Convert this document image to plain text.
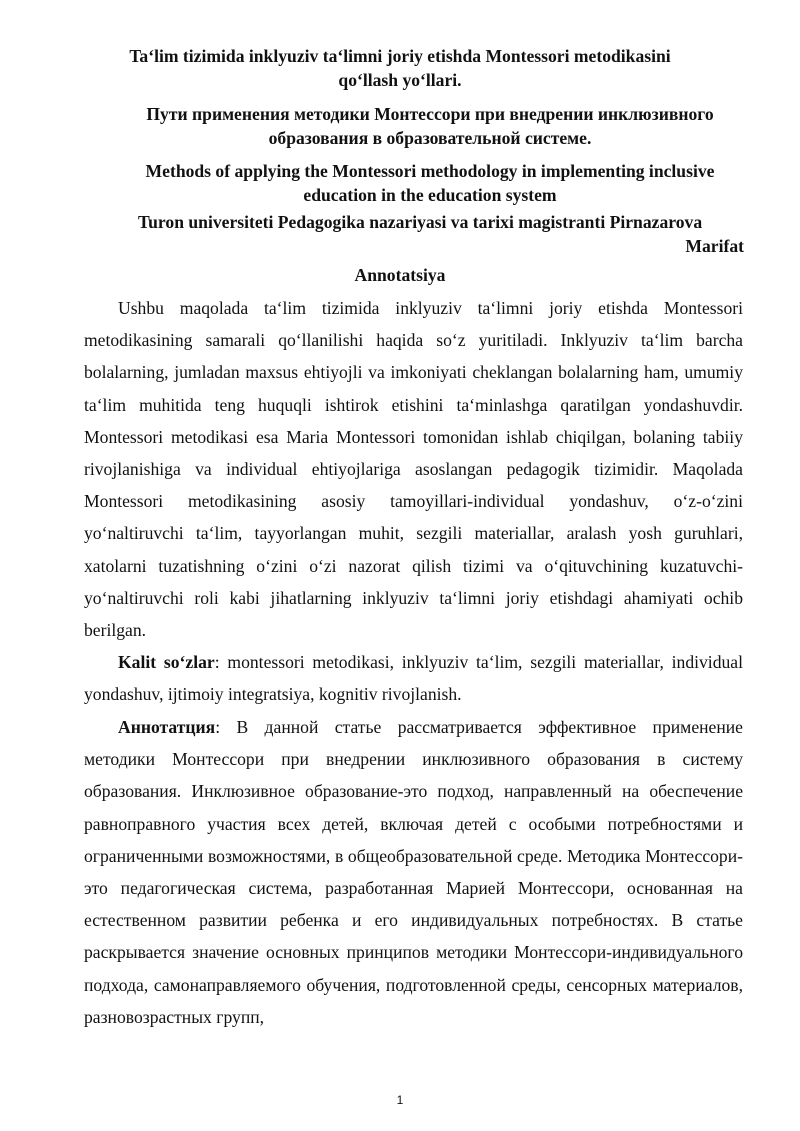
Ta‘lim tizimida inklyuziv ta‘limni joriy etishda Montessori metodikasini qo‘llash yo‘llari.
Пути применения методики Монтессори при внедрении инклюзивного образования в образовательной системе.
Methods of applying the Montessori methodology in implementing inclusive education in the education system
Turon universiteti Pedagogika nazariyasi va tarixi magistranti Pirnazarova
Marifat
Annotatsiya

Ushbu maqolada ta‘lim tizimida inklyuziv ta‘limni joriy etishda Montessori metodikasining samarali qo‘llanilishi haqida so‘z yuritiladi. Inklyuziv ta‘lim barcha bolalarning, jumladan maxsus ehtiyojli va imkoniyati cheklangan bolalarning ham, umumiy ta‘lim muhitida teng huquqli ishtirok etishini ta‘minlashga qaratilgan yondashuvdir. Montessori metodikasi esa Maria Montessori tomonidan ishlab chiqilgan, bolaning tabiiy rivojlanishiga va individual ehtiyojlariga asoslangan pedagogik tizimidir. Maqolada Montessori metodikasining asosiy tamoyillari-individual yondashuv, o‘z-o‘zini yo‘naltiruvchi ta‘lim, tayyorlangan muhit, sezgili materiallar, aralash yosh guruhlari, xatolarni tuzatishning o‘zini o‘zi nazorat qilish tizimi va o‘qituvchining kuzatuvchi-yo‘naltiruvchi roli kabi jihatlarning inklyuziv ta‘limni joriy etishdagi ahamiyati ochib berilgan.

Kalit so‘zlar: montessori metodikasi, inklyuziv ta‘lim, sezgili materiallar, individual yondashuv, ijtimoiy integratsiya, kognitiv rivojlanish.

Аннотатция: В данной статье рассматривается эффективное применение методики Монтессори при внедрении инклюзивного образования в систему образования. Инклюзивное образование-это подход, направленный на обеспечение равноправного участия всех детей, включая детей с особыми потребностями и ограниченными возможностями, в общеобразовательной среде. Методика Монтессори-это педагогическая система, разработанная Марией Монтессори, основанная на естественном развитии ребенка и его индивидуальных потребностях. В статье раскрывается значение основных принципов методики Монтессори-индивидуального подхода, самонаправляемого обучения, подготовленной среды, сенсорных материалов, разновозрастных групп,

1
